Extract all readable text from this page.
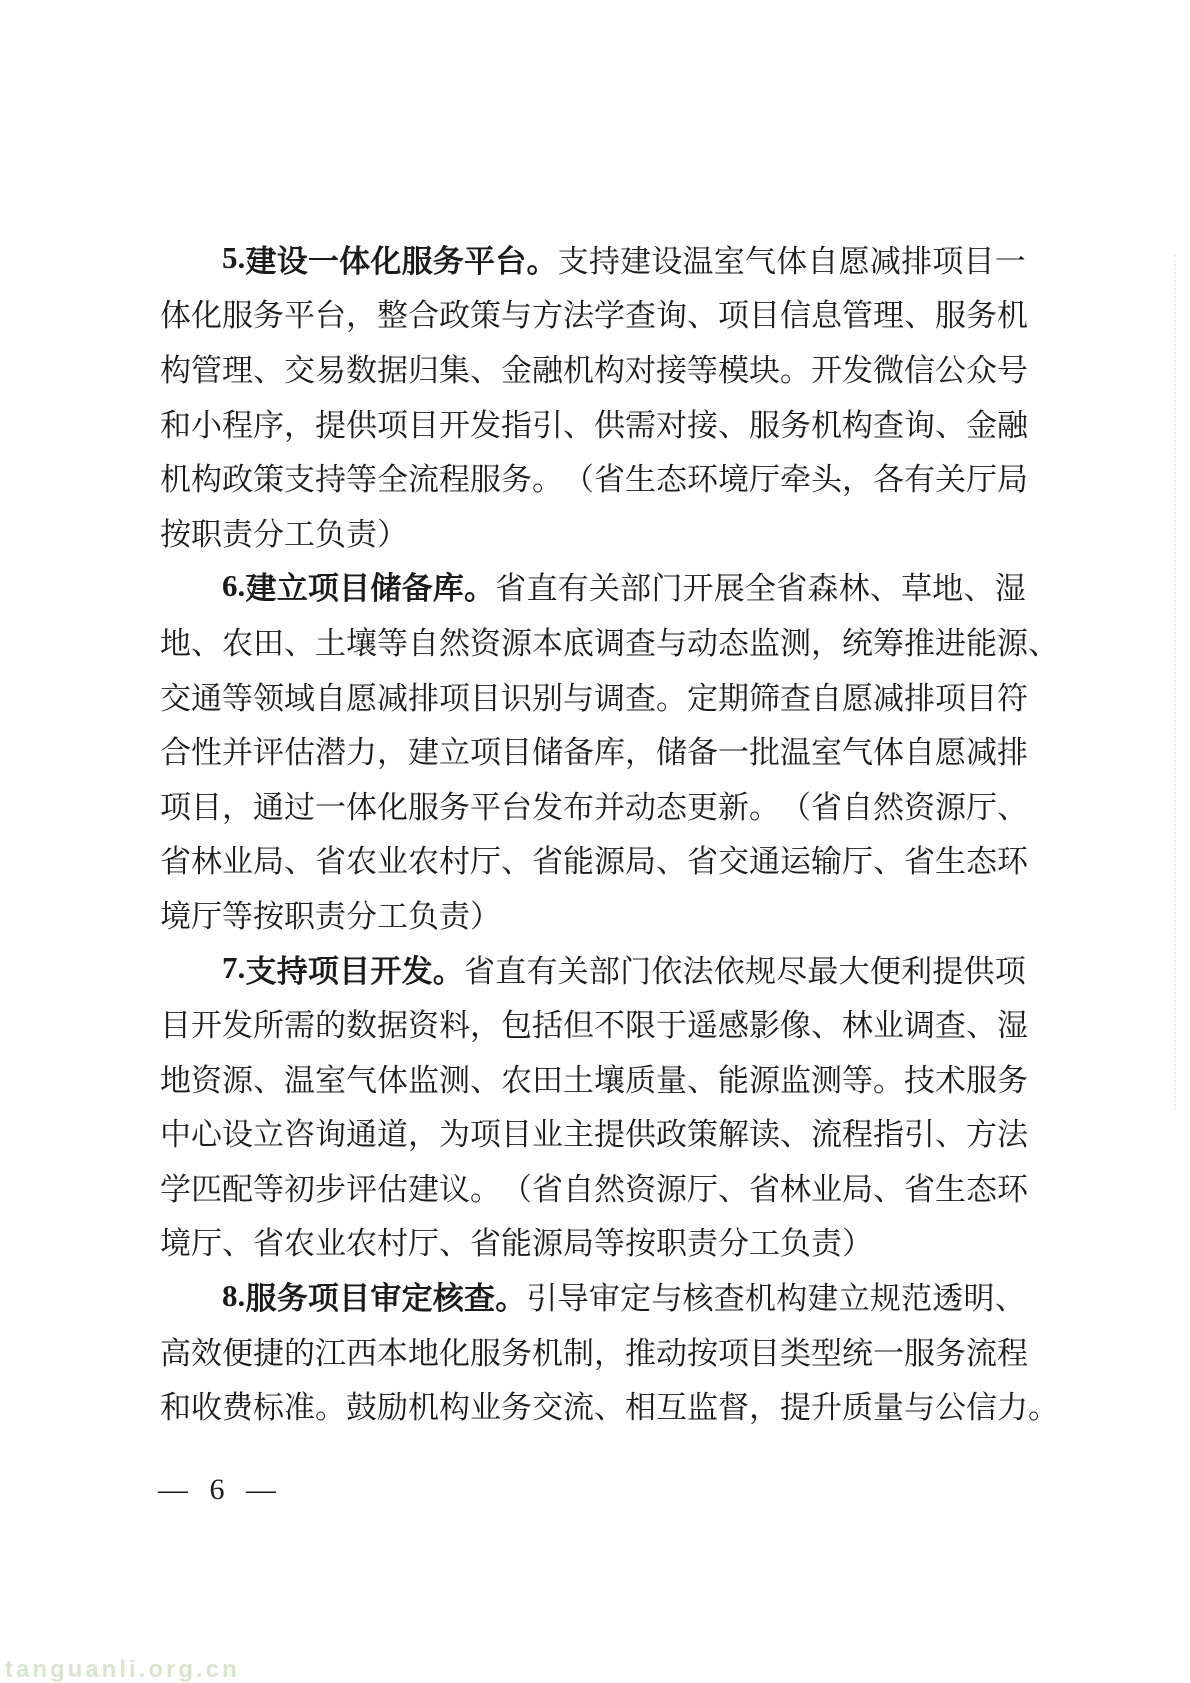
5. 建 设 一 体 化 服 务 平 台 。 支 持 建 设 温 室 气 体 自 愿 减 排 项 目 一
体 化 服 务 平 台 ， 整 合 政 策 与 方 法 学 查 询 、 项 目 信 息 管 理 、 服 务 机
构 管 理 、 交 易 数 据 归 集 、 金 融 机 构 对 接 等 模 块 。 开 发 微 信 公 众 号
和 小 程 序 ， 提 供 项 目 开 发 指 引 、 供 需 对 接 、 服 务 机 构 查 询 、 金 融
机 构 政 策 支 持 等 全 流 程 服 务 。 （ 省 生 态 环 境 厅 牵 头 ， 各 有 关 厅 局
按 职 责 分 工 负 责 ）
6. 建 立 项 目 储 备 库 。 省 直 有 关 部 门 开 展 全 省 森 林 、 草 地 、 湿
地 、 农 田 、 土 壤 等 自 然 资 源 本 底 调 查 与 动 态 监 测 ， 统 筹 推 进 能 源 、
交 通 等 领 域 自 愿 减 排 项 目 识 别 与 调 查 。 定 期 筛 查 自 愿 减 排 项 目 符
合 性 并 评 估 潜 力 ， 建 立 项 目 储 备 库 ， 储 备 一 批 温 室 气 体 自 愿 减 排
项 目 ， 通 过 一 体 化 服 务 平 台 发 布 并 动 态 更 新 。 （ 省 自 然 资 源 厅 、
省 林 业 局 、 省 农 业 农 村 厅 、 省 能 源 局 、 省 交 通 运 输 厅 、 省 生 态 环
境 厅 等 按 职 责 分 工 负 责 ）
7. 支 持 项 目 开 发 。 省 直 有 关 部 门 依 法 依 规 尽 最 大 便 利 提 供 项
目 开 发 所 需 的 数 据 资 料 ， 包 括 但 不 限 于 遥 感 影 像 、 林 业 调 查 、 湿
地 资 源 、 温 室 气 体 监 测 、 农 田 土 壤 质 量 、 能 源 监 测 等 。 技 术 服 务
中 心 设 立 咨 询 通 道 ， 为 项 目 业 主 提 供 政 策 解 读 、 流 程 指 引 、 方 法
学 匹 配 等 初 步 评 估 建 议 。 （ 省 自 然 资 源 厅 、 省 林 业 局 、 省 生 态 环
境 厅 、 省 农 业 农 村 厅 、 省 能 源 局 等 按 职 责 分 工 负 责 ）
8. 服 务 项 目 审 定 核 查 。 引 导 审 定 与 核 查 机 构 建 立 规 范 透 明 、
高 效 便 捷 的 江 西 本 地 化 服 务 机 制 ， 推 动 按 项 目 类 型 统 一 服 务 流 程
和 收 费 标 准 。 鼓 励 机 构 业 务 交 流 、 相 互 监 督 ， 提 升 质 量 与 公 信 力 。
— 6 —
tanguanli.org.cn
